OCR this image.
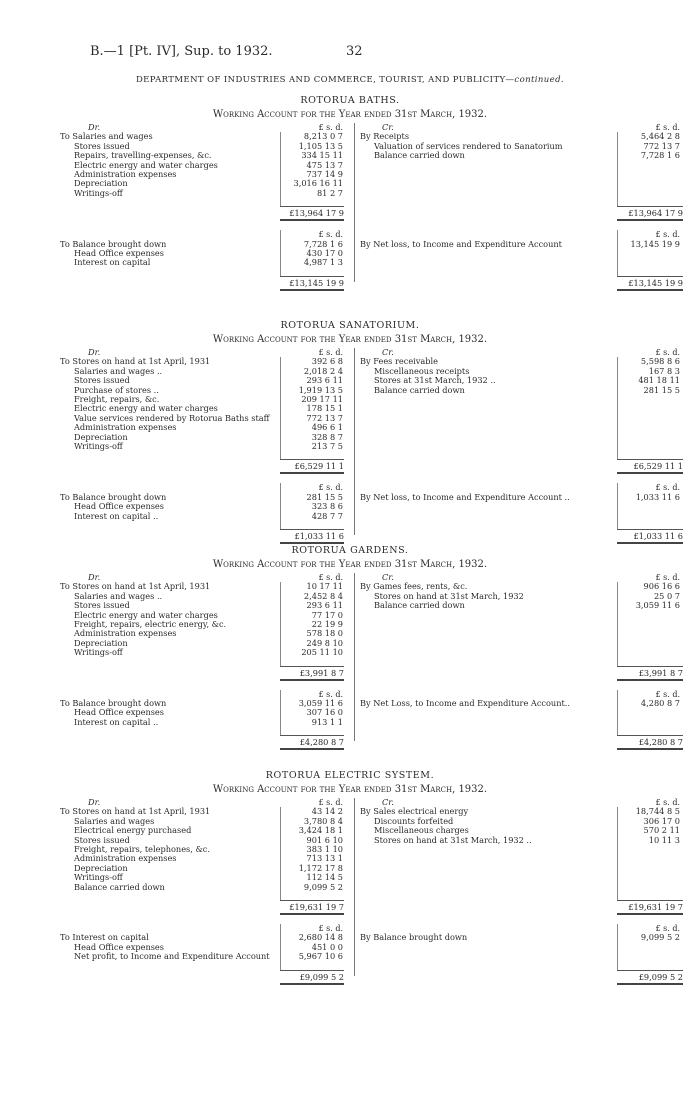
B.—1 [Pt. IV], Sup. to 1932.	32
DEPARTMENT OF INDUSTRIES AND COMMERCE, TOURIST, AND PUBLICITY—continued.
ROTORUA BATHS.
Working Account for the Year ended 31st March, 1932.
Dr.	£ s. d.
To Salaries and wages	8,213 0 7
Stores issued	1,105 13 5
Repairs, travelling-expenses, &c.	334 15 11
Electric energy and water charges	475 13 7
Administration expenses	737 14 9
Depreciation	3,016 16 11
Writings-off	81 2 7
£13,964 17 9
£ s. d.
To Balance brought down	7,728 1 6
Head Office expenses	430 17 0
Interest on capital	4,987 1 3
£13,145 19 9
Cr.	£ s. d.
By Receipts	5,464 2 8
Valuation of services rendered to Sanatorium	772 13 7
Balance carried down	7,728 1 6
£13,964 17 9
£ s. d.
By Net loss, to Income and Expenditure Account	13,145 19 9
£13,145 19 9
ROTORUA SANATORIUM.
Working Account for the Year ended 31st March, 1932.
Dr.	£ s. d.
To Stores on hand at 1st April, 1931	392 6 8
Salaries and wages ..	2,018 2 4
Stores issued	293 6 11
Purchase of stores ..	1,919 13 5
Freight, repairs, &c.	209 17 11
Electric energy and water charges	178 15 1
Value services rendered by Rotorua Baths staff	772 13 7
Administration expenses	496 6 1
Depreciation	328 8 7
Writings-off	213 7 5
£6,529 11 1
£ s. d.
To Balance brought down	281 15 5
Head Office expenses	323 8 6
Interest on capital ..	428 7 7
£1,033 11 6
Cr.	£ s. d.
By Fees receivable	5,598 8 6
Miscellaneous receipts	167 8 3
Stores at 31st March, 1932 ..	481 18 11
Balance carried down	281 15 5
£6,529 11 1
£ s. d.
By Net loss, to Income and Expenditure Account ..	1,033 11 6
£1,033 11 6
ROTORUA GARDENS.
Working Account for the Year ended 31st March, 1932.
Dr.	£ s. d.
To Stores on hand at 1st April, 1931	10 17 11
Salaries and wages ..	2,452 8 4
Stores issued	293 6 11
Electric energy and water charges	77 17 0
Freight, repairs, electric energy, &c.	22 19 9
Administration expenses	578 18 0
Depreciation	249 8 10
Writings-off	205 11 10
£3,991 8 7
£ s. d.
To Balance brought down	3,059 11 6
Head Office expenses	307 16 0
Interest on capital ..	913 1 1
£4,280 8 7
Cr.	£ s. d.
By Games fees, rents, &c.	906 16 6
Stores on hand at 31st March, 1932	25 0 7
Balance carried down	3,059 11 6
£3,991 8 7
£ s. d.
By Net Loss, to Income and Expenditure Account..	4,280 8 7
£4,280 8 7
ROTORUA ELECTRIC SYSTEM.
Working Account for the Year ended 31st March, 1932.
Dr.	£ s. d.
To Stores on hand at 1st April, 1931	43 14 2
Salaries and wages	3,780 8 4
Electrical energy purchased	3,424 18 1
Stores issued	901 6 10
Freight, repairs, telephones, &c.	383 1 10
Administration expenses	713 13 1
Depreciation	1,172 17 8
Writings-off	112 14 5
Balance carried down	9,099 5 2
£19,631 19 7
£ s. d.
To Interest on capital	2,680 14 8
Head Office expenses	451 0 0
Net profit, to Income and Expenditure Account	5,967 10 6
£9,099 5 2
Cr.	£ s. d.
By Sales electrical energy	18,744 8 5
Discounts forfeited	306 17 0
Miscellaneous charges	570 2 11
Stores on hand at 31st March, 1932 ..	10 11 3
£19,631 19 7
£ s. d.
By Balance brought down	9,099 5 2
£9,099 5 2
